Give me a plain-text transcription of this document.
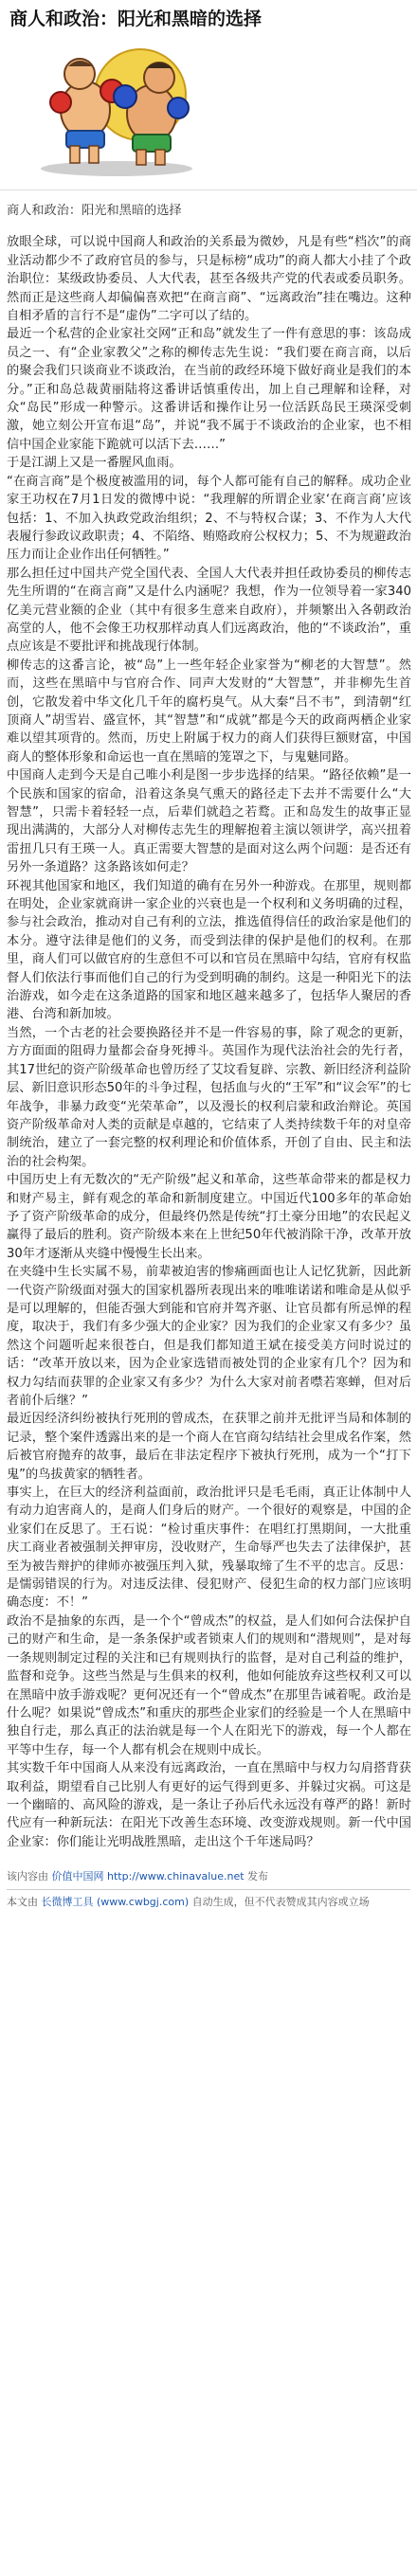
商人和政治：阳光和黑暗的选择
商人和政治：阳光和黑暗的选择

放眼全球，可以说中国商人和政治的关系最为微妙，凡是有些“档次”的商业活动都少不了政府官员的参与，只是标榜“成功”的商人都大小挂了个政治职位：某级政协委员、人大代表，甚至各级共产党的代表或委员职务。然而正是这些商人却偏偏喜欢把“在商言商”、“远离政治”挂在嘴边。这种自相矛盾的言行不是“虚伪”二字可以了结的。

最近一个私营的企业家社交网“正和岛”就发生了一件有意思的事：该岛成员之一、有“企业家教父”之称的柳传志先生说：“我们要在商言商，以后的聚会我们只谈商业不谈政治，在当前的政经环境下做好商业是我们的本分。”正和岛总裁黄丽陆将这番讲话慎重传出，加上自己理解和诠释，对众“岛民”形成一种警示。这番讲话和操作让另一位活跃岛民王瑛深受刺激，她立刻公开宣布退“岛”，并说“我不属于不谈政治的企业家，也不相信中国企业家能下跪就可以活下去……”

于是江湖上又是一番腥风血雨。

“在商言商”是个极度被滥用的词，每个人都可能有自己的解释。成功企业家王功权在7月1日发的微博中说：“我理解的所谓企业家‘在商言商’应该包括：1、不加入执政党政治组织；2、不与特权合谋；3、不作为人大代表履行参政议政职责；4、不陷络、贿赂政府公权权力；5、不为规避政治压力而让企业作出任何牺牲。”

那么担任过中国共产党全国代表、全国人大代表并担任政协委员的柳传志先生所谓的“在商言商”又是什么内涵呢？我想，作为一位领导着一家340亿美元营业额的企业（其中有很多生意来自政府），并频繁出入各朝政治高堂的人，他不会像王功权那样动真人们远离政治，他的“不谈政治”，重点应该是不要批评和挑战现行体制。

柳传志的这番言论，被“岛”上一些年轻企业家誉为“柳老的大智慧”。然而，这些在黑暗中与官府合作、同声大发财的“大智慧”，并非柳先生首创，它散发着中华文化几千年的腐朽臭气。从大秦“吕不韦”，到清朝“红顶商人”胡雪岩、盛宣怀，其“智慧”和“成就”都是今天的政商两栖企业家难以望其项背的。然而，历史上附属于权力的商人们获得巨额财富，中国商人的整体形象和命运也一直在黑暗的笼罩之下，与鬼魅同路。

中国商人走到今天是自己唯小利是图一步步选择的结果。“路径依赖”是一个民族和国家的宿命，沿着这条臭气熏天的路径走下去并不需要什么“大智慧”，只需卡着轻轻一点，后辈们就趋之若鹜。正和岛发生的故事正显现出满满的，大部分人对柳传志先生的理解抱着主演以领讲学，高兴扭着雷扭几只有王瑛一人。真正需要大智慧的是面对这么两个问题：是否还有另外一条道路？这条路该如何走？

环视其他国家和地区，我们知道的确有在另外一种游戏。在那里，规则都在明处，企业家就商讲一家企业的兴衰也是一个权利和义务明确的过程，参与社会政治，推动对自己有利的立法，推选值得信任的政治家是他们的本分。遵守法律是他们的义务，而受到法律的保护是他们的权利。在那里，商人们可以做官府的生意但不可以和官员在黑暗中勾结，官府有权监督人们依法行事而他们自己的行为受到明确的制约。这是一种阳光下的法治游戏，如今走在这条道路的国家和地区越来越多了，包括华人聚居的香港、台湾和新加坡。

当然，一个古老的社会要换路径并不是一件容易的事，除了观念的更新，方方面面的阻碍力量都会奋身死搏斗。英国作为现代法治社会的先行者，其17世纪的资产阶级革命也曾历经了艾坟看复辟、宗教、新旧经济利益阶层、新旧意识形态50年的斗争过程，包括血与火的“王军”和“议会军”的七年战争，非暴力政变“光荣革命”，以及漫长的权利启蒙和政治辩论。英国资产阶级革命对人类的贡献是卓越的，它结束了人类持续数千年的对皇帝制统治，建立了一套完整的权利理论和价值体系，开创了自由、民主和法治的社会构架。

中国历史上有无数次的“无产阶级”起义和革命，这些革命带来的都是权力和财产易主，鲜有观念的革命和新制度建立。中国近代100多年的革命始予了资产阶级革命的成分，但最终仍然是传统“打土豪分田地”的农民起义赢得了最后的胜利。资产阶级本来在上世纪50年代被消除干净，改革开放30年才逐渐从夹缝中慢慢生长出来。

在夹缝中生长实属不易，前辈被迫害的惨痛画面也让人记忆犹新，因此新一代资产阶级面对强大的国家机器所表现出来的唯唯诺诺和唯命是从似乎是可以理解的，但能否强大到能和官府并驾齐驱、让官员都有所忌惮的程度，取决于，我们有多少强大的企业家？因为我们的企业家又有多少？虽然这个问题听起来很苍白，但是我们都知道王斌在接受美方问时说过的话：“改革开放以来，因为企业家选错而被处罚的企业家有几个？因为和权力勾结而获罪的企业家又有多少？为什么大家对前者噤若寒蝉，但对后者前仆后继？”

最近因经济纠纷被执行死刑的曾成杰，在获罪之前并无批评当局和体制的记录，整个案件透露出来的是一个商人在官商勾结结社会里成名作案，然后被官府抛弃的故事，最后在非法定程序下被执行死刑，成为一个“打下鬼”的鸟拔黄家的牺牲者。

事实上，在巨大的经济利益面前，政治批评只是毛毛雨，真正让体制中人有动力迫害商人的，是商人们身后的财产。一个很好的观察是，中国的企业家们在反思了。王石说：“检讨重庆事件：在唱红打黑期间，一大批重庆工商业者被强制关押审房，没收财产，生命辱严也失去了法律保护，甚至为被告辩护的律师亦被强压判入狱，残暴取缔了生不平的忠言。反思：是懦弱错误的行为。对违反法律、侵犯财产、侵犯生命的权力部门应该明确态度：不！”

政治不是抽象的东西，是一个个“曾成杰”的权益，是人们如何合法保护自己的财产和生命，是一条条保护或者锁束人们的规则和“潜规则”，是对每一条规则制定过程的关注和已有规则执行的监督，是对自己利益的维护，监督和竞争。这些当然是与生俱来的权利，他如何能放弃这些权利又可以在黑暗中放手游戏呢？更何况还有一个“曾成杰”在那里告诫着呢。政治是什么呢？如果说“曾成杰”和重庆的那些企业家们的经验是一个人在黑暗中独自行走，那么真正的法治就是每一个人在阳光下的游戏，每一个人都在平等中生存，每一个人都有机会在规则中成长。

其实数千年中国商人从来没有远离政治，一直在黑暗中与权力勾肩搭背获取利益，期望看自己比别人有更好的运气得到更多、并躲过灾祸。可这是一个幽暗的、高风险的游戏，是一条让子孙后代永远没有尊严的路！新时代应有一种新玩法：在阳光下改善生态环境、改变游戏规则。新一代中国企业家：你们能让光明战胜黑暗，走出这个千年迷局吗？

该内容由 价值中国网 http://www.chinavalue.net 发布
本文由 长微博工具 (www.cwbgj.com) 自动生成，但不代表赞成其内容或立场
